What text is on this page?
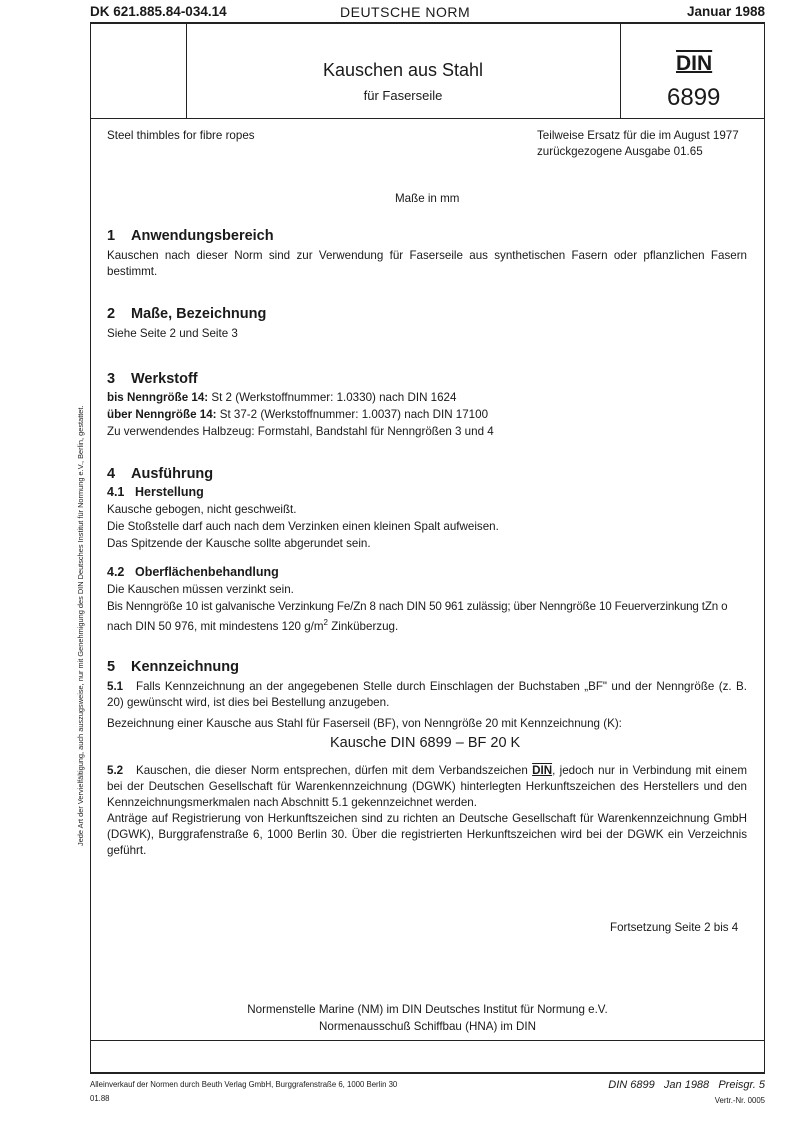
Jede Art der Vervielfältigung, auch auszugsweise, nur mit Genehmigung des DIN Deutsches Institut für Normung e.V., Berlin, gestattet.
DK 621.885.84-034.14	DEUTSCHE NORM	Januar 1988
Kauschen aus Stahl
für Faserseile
DIN
6899
Steel thimbles for fibre ropes	Teilweise Ersatz für die im August 1977
zurückgezogene Ausgabe 01.65
Maße in mm
1 Anwendungsbereich
Kauschen nach dieser Norm sind zur Verwendung für Faserseile aus synthetischen Fasern oder pflanzlichen Fasern bestimmt.
2 Maße, Bezeichnung
Siehe Seite 2 und Seite 3
3 Werkstoff
bis Nenngröße 14: St 2 (Werkstoffnummer: 1.0330) nach DIN 1624
über Nenngröße 14: St 37-2 (Werkstoffnummer: 1.0037) nach DIN 17100
Zu verwendendes Halbzeug: Formstahl, Bandstahl für Nenngrößen 3 und 4
4 Ausführung
4.1 Herstellung
Kausche gebogen, nicht geschweißt.
Die Stoßstelle darf auch nach dem Verzinken einen kleinen Spalt aufweisen.
Das Spitzende der Kausche sollte abgerundet sein.
4.2 Oberflächenbehandlung
Die Kauschen müssen verzinkt sein.
Bis Nenngröße 10 ist galvanische Verzinkung Fe/Zn 8 nach DIN 50 961 zulässig; über Nenngröße 10 Feuerverzinkung tZn o
nach DIN 50 976, mit mindestens 120 $g/m^2$ Zinküberzug.
5 Kennzeichnung
5.1 Falls Kennzeichnung an der angegebenen Stelle durch Einschlagen der Buchstaben „BF" und der Nenngröße (z. B. 20) gewünscht wird, ist dies bei Bestellung anzugeben.
Bezeichnung einer Kausche aus Stahl für Faserseil (BF), von Nenngröße 20 mit Kennzeichnung (K):
Kausche DIN 6899 – BF 20 K
5.2 Kauschen, die dieser Norm entsprechen, dürfen mit dem Verbandszeichen DIN, jedoch nur in Verbindung mit einem bei der Deutschen Gesellschaft für Warenkennzeichnung (DGWK) hinterlegten Herkunftszeichen des Herstellers und den Kennzeichnungsmerkmalen nach Abschnitt 5.1 gekennzeichnet werden.
Anträge auf Registrierung von Herkunftszeichen sind zu richten an Deutsche Gesellschaft für Warenkennzeichnung GmbH (DGWK), Burggrafenstraße 6, 1000 Berlin 30. Über die registrierten Herkunftszeichen wird bei der DGWK ein Verzeichnis geführt.
Fortsetzung Seite 2 bis 4
Normenstelle Marine (NM) im DIN Deutsches Institut für Normung e.V.
Normenausschuß Schiffbau (HNA) im DIN
Alleinverkauf der Normen durch Beuth Verlag GmbH, Burggrafenstraße 6, 1000 Berlin 30
01.88
DIN 6899   Jan 1988   Preisgr. 5
Vertr.-Nr. 0005
